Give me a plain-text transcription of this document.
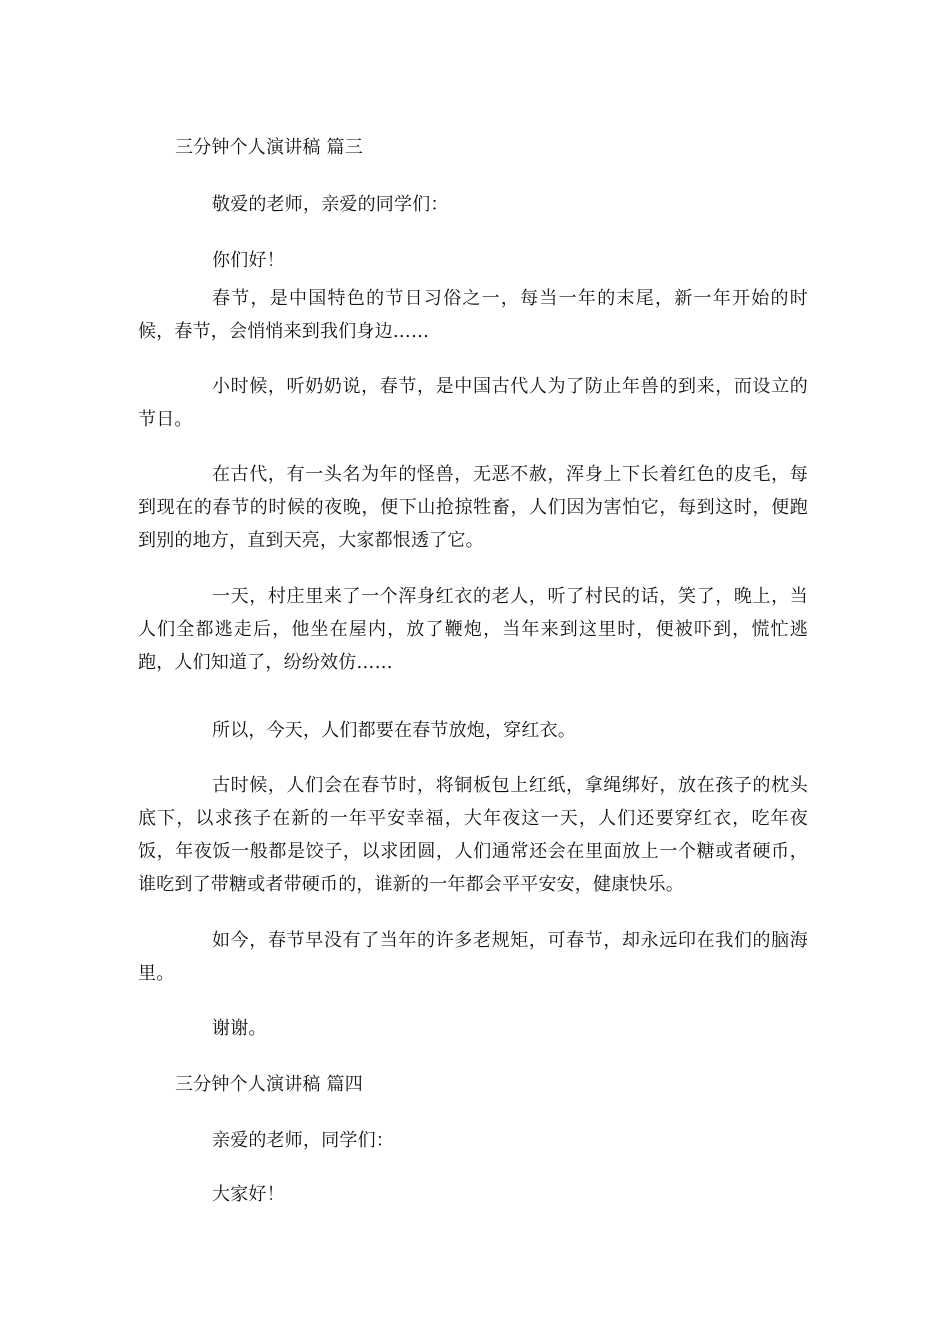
三分钟个人演讲稿 篇三
敬爱的老师，亲爱的同学们：
你们好！

春节，是中国特色的节日习俗之一，每当一年的末尾，新一年开始的时候，春节，会悄悄来到我们身边……

小时候，听奶奶说，春节，是中国古代人为了防止年兽的到来，而设立的节日。

在古代，有一头名为年的怪兽，无恶不赦，浑身上下长着红色的皮毛，每到现在的春节的时候的夜晚，便下山抢掠牲畜，人们因为害怕它，每到这时，便跑到别的地方，直到天亮，大家都恨透了它。

一天，村庄里来了一个浑身红衣的老人，听了村民的话，笑了，晚上，当人们全都逃走后，他坐在屋内，放了鞭炮，当年来到这里时，便被吓到，慌忙逃跑，人们知道了，纷纷效仿……

所以，今天，人们都要在春节放炮，穿红衣。

古时候，人们会在春节时，将铜板包上红纸，拿绳绑好，放在孩子的枕头底下，以求孩子在新的一年平安幸福，大年夜这一天，人们还要穿红衣，吃年夜饭，年夜饭一般都是饺子，以求团圆，人们通常还会在里面放上一个糖或者硬币，谁吃到了带糖或者带硬币的，谁新的一年都会平平安安，健康快乐。

如今，春节早没有了当年的许多老规矩，可春节，却永远印在我们的脑海里。

谢谢。
三分钟个人演讲稿 篇四
亲爱的老师，同学们：
大家好！
